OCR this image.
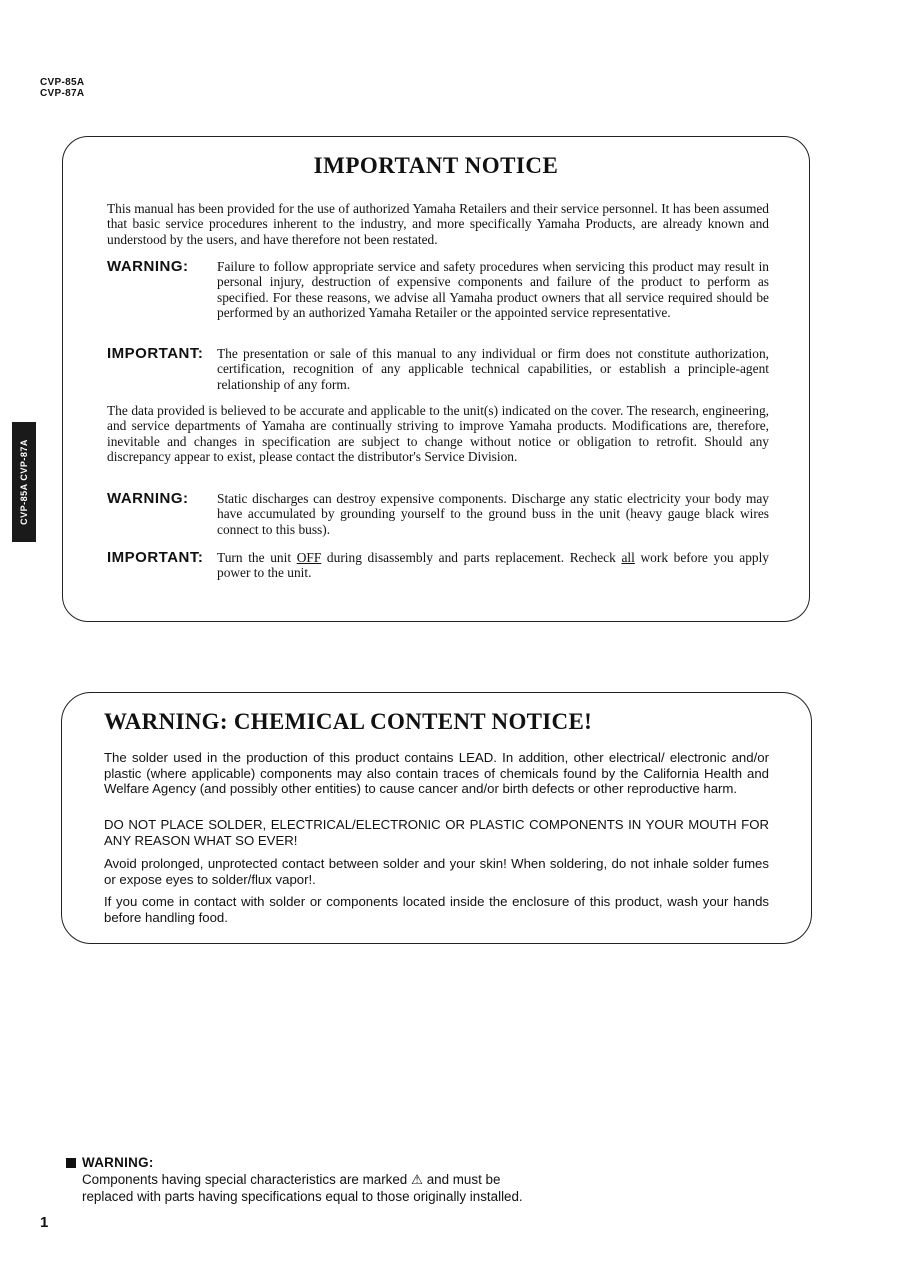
CVP-85A
CVP-87A
CVP-85A CVP-87A
IMPORTANT NOTICE

This manual has been provided for the use of authorized Yamaha Retailers and their service personnel. It has been assumed that basic service procedures inherent to the industry, and more specifically Yamaha Products, are already known and understood by the users, and have therefore not been restated.

WARNING: Failure to follow appropriate service and safety procedures when servicing this product may result in personal injury, destruction of expensive components and failure of the product to perform as specified. For these reasons, we advise all Yamaha product owners that all service required should be performed by an authorized Yamaha Retailer or the appointed service representative.

IMPORTANT: The presentation or sale of this manual to any individual or firm does not constitute authorization, certification, recognition of any applicable technical capabilities, or establish a principle-agent relationship of any form.

The data provided is believed to be accurate and applicable to the unit(s) indicated on the cover. The research, engineering, and service departments of Yamaha are continually striving to improve Yamaha products. Modifications are, therefore, inevitable and changes in specification are subject to change without notice or obligation to retrofit. Should any discrepancy appear to exist, please contact the distributor's Service Division.

WARNING: Static discharges can destroy expensive components. Discharge any static electricity your body may have accumulated by grounding yourself to the ground buss in the unit (heavy gauge black wires connect to this buss).

IMPORTANT: Turn the unit OFF during disassembly and parts replacement. Recheck all work before you apply power to the unit.

WARNING: CHEMICAL CONTENT NOTICE!

The solder used in the production of this product contains LEAD. In addition, other electrical/ electronic and/or plastic (where applicable) components may also contain traces of chemicals found by the California Health and Welfare Agency (and possibly other entities) to cause cancer and/or birth defects or other reproductive harm.

DO NOT PLACE SOLDER, ELECTRICAL/ELECTRONIC OR PLASTIC COMPONENTS IN YOUR MOUTH FOR ANY REASON WHAT SO EVER!

Avoid prolonged, unprotected contact between solder and your skin! When soldering, do not inhale solder fumes or expose eyes to solder/flux vapor!.

If you come in contact with solder or components located inside the enclosure of this product, wash your hands before handling food.

WARNING:
Components having special characteristics are marked ⚠ and must be
replaced with parts having specifications equal to those originally installed.
1
